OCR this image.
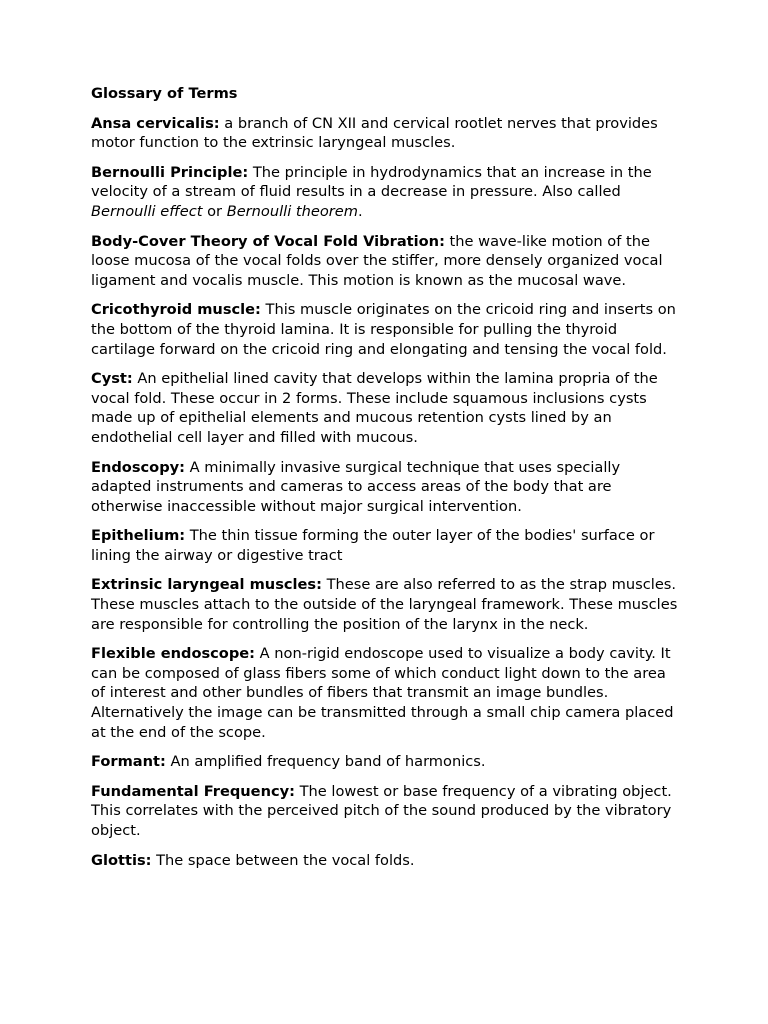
Glossary of Terms
Ansa cervicalis: a branch of CN XII and cervical rootlet nerves that provides motor function to the extrinsic laryngeal muscles.
Bernoulli Principle: The principle in hydrodynamics that an increase in the velocity of a stream of fluid results in a decrease in pressure. Also called Bernoulli effect or Bernoulli theorem.
Body-Cover Theory of Vocal Fold Vibration: the wave-like motion of the loose mucosa of the vocal folds over the stiffer, more densely organized vocal ligament and vocalis muscle. This motion is known as the mucosal wave.
Cricothyroid muscle: This muscle originates on the cricoid ring and inserts on the bottom of the thyroid lamina. It is responsible for pulling the thyroid cartilage forward on the cricoid ring and elongating and tensing the vocal fold.
Cyst: An epithelial lined cavity that develops within the lamina propria of the vocal fold. These occur in 2 forms. These include squamous inclusions cysts made up of epithelial elements and mucous retention cysts lined by an endothelial cell layer and filled with mucous.
Endoscopy: A minimally invasive surgical technique that uses specially adapted instruments and cameras to access areas of the body that are otherwise inaccessible without major surgical intervention.
Epithelium: The thin tissue forming the outer layer of the bodies' surface or lining the airway or digestive tract
Extrinsic laryngeal muscles: These are also referred to as the strap muscles. These muscles attach to the outside of the laryngeal framework. These muscles are responsible for controlling the position of the larynx in the neck.
Flexible endoscope: A non-rigid endoscope used to visualize a body cavity. It can be composed of glass fibers some of which conduct light down to the area of interest and other bundles of fibers that transmit an image bundles. Alternatively the image can be transmitted through a small chip camera placed at the end of the scope.
Formant: An amplified frequency band of harmonics.
Fundamental Frequency: The lowest or base frequency of a vibrating object. This correlates with the perceived pitch of the sound produced by the vibratory object.
Glottis: The space between the vocal folds.
